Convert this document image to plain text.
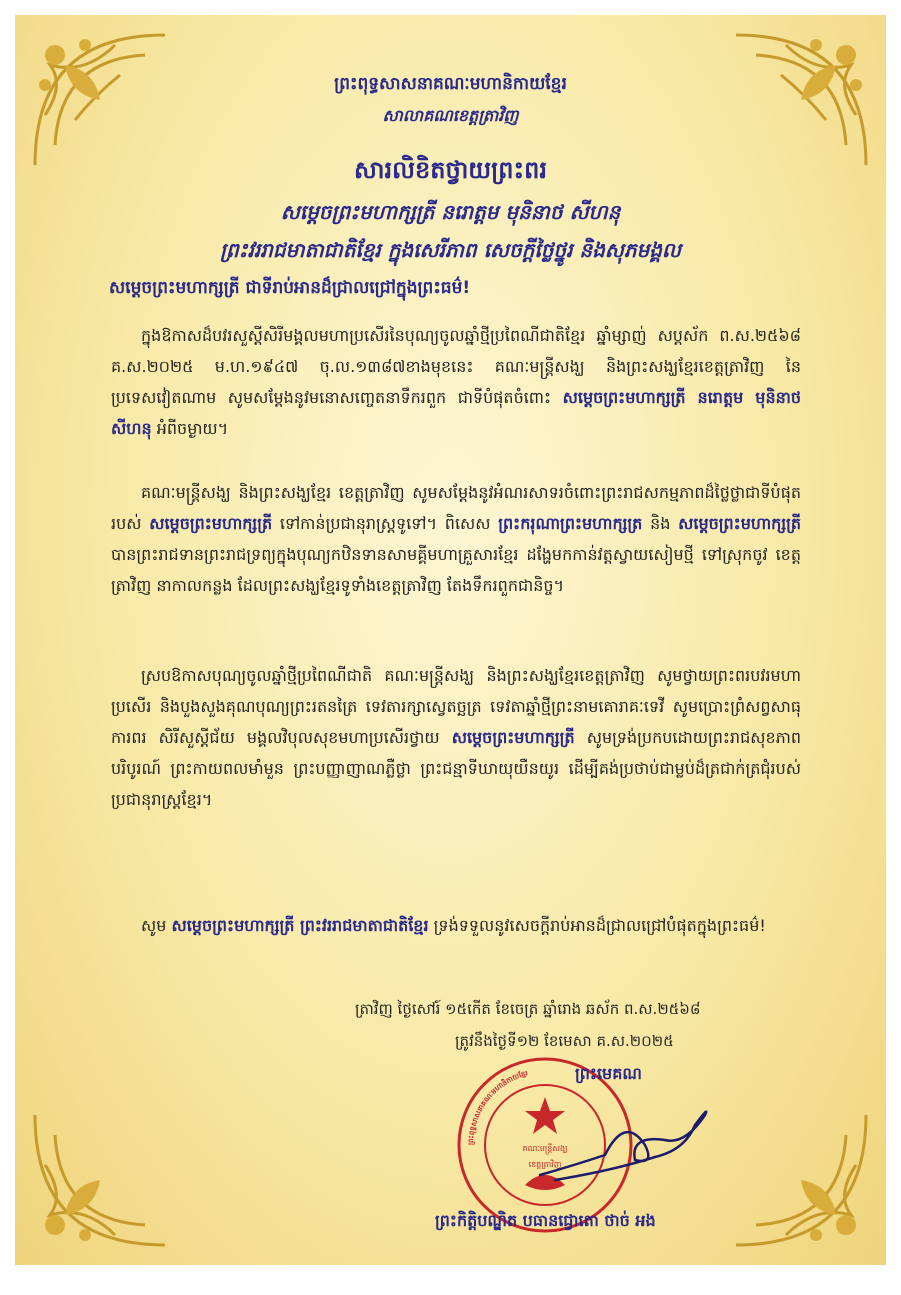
ព្រះពុទ្ធសាសនាគណៈមហានិកាយខ្មែរ
សាលាគណខេត្តត្រាវិញ
សារលិខិតថ្វាយព្រះពរ
សម្ដេចព្រះមហាក្សត្រី នរោត្ដម មុនិនាថ សីហនុ
ព្រះវររាជមាតាជាតិខ្មែរ ក្នុងសេរីភាព សេចក្ដីថ្លៃថ្នូរ និងសុភមង្គល
សម្ដេចព្រះមហាក្សត្រី ជាទីរាប់អានដ៏ជ្រាលជ្រៅក្នុងព្រះធម៌!

ក្នុងឱកាសដ៏បវរសួស្ដីសិរីមង្គលមហាប្រសើរនៃបុណ្យចូលឆ្នាំថ្មីប្រពៃណីជាតិខ្មែរ ឆ្នាំម្សាញ់ សប្ដស័ក ព.ស.២៥៦៨ គ.ស.២០២៥ ម.ហ.១៩៤៧ ចុ.ល.១៣៨៧ខាងមុខនេះ គណៈមន្ត្រីសង្ឃ និងព្រះសង្ឃខ្មែរខេត្តត្រាវិញ នៃប្រទេសវៀតណាម សូមសម្ដែងនូវមនោសញ្ចេតនាទឹករពួក ជាទីបំផុតចំពោះ សម្ដេចព្រះមហាក្សត្រី នរោត្ដម មុនិនាថ សីហនុ អំពីចម្ងាយ។

គណៈមន្ត្រីសង្ឃ និងព្រះសង្ឃខ្មែរ ខេត្តត្រាវិញ សូមសម្ដែងនូវអំណរសាទរចំពោះព្រះរាជសកម្មភាពដ៏ថ្លៃថ្លាជាទីបំផុតរបស់ សម្ដេចព្រះមហាក្សត្រី ទៅកាន់ប្រជានុរាស្ត្រទូទៅ។ ពិសេស ព្រះករុណាព្រះមហាក្សត្រ និង សម្ដេចព្រះមហាក្សត្រី បានព្រះរាជទានព្រះរាជទ្រព្យក្នុងបុណ្យកឋិនទានសាមគ្គីមហាគ្រួសារខ្មែរ ដង្ហែមកកាន់វត្តស្វាយសៀមថ្មី ទៅស្រុកចូវ ខេត្តត្រាវិញ នាកាលកន្លង ដែលព្រះសង្ឃខ្មែរទូទាំងខេត្តត្រាវិញ តែងទឹករពួកជានិច្ច។

ស្របឱកាសបុណ្យចូលឆ្នាំថ្មីប្រពៃណីជាតិ គណៈមន្ត្រីសង្ឃ និងព្រះសង្ឃខ្មែរខេត្តត្រាវិញ សូមថ្វាយព្រះពរបវរមហាប្រសើរ និងបួងសួងគុណបុណ្យព្រះរតនត្រៃ ទេវតារក្សាស្វេតច្ឆត្រ ទេវតាឆ្នាំថ្មីព្រះនាមគោរាគៈទេវី សូមប្រោះព្រំសព្វសាធុការពរ សិរីសួស្ដីជ័យ មង្គលវិបុលសុខមហាប្រសើរថ្វាយ សម្ដេចព្រះមហាក្សត្រី សូមទ្រង់ប្រកបដោយព្រះរាជសុខភាពបរិបូរណ៍ ព្រះកាយពលមាំមួន ព្រះបញ្ញាញាណភ្លឺថ្លា ព្រះជន្មាទីឃាយុយឺនយូរ ដើម្បីគង់ប្រថាប់ជាម្លប់ដ៏ត្រជាក់ត្រជុំរបស់ប្រជានុរាស្ត្រខ្មែរ។

សូម សម្ដេចព្រះមហាក្សត្រី ព្រះវររាជមាតាជាតិខ្មែរ ទ្រង់ទទួលនូវសេចក្ដីរាប់អានដ៏ជ្រាលជ្រៅបំផុតក្នុងព្រះធម៌!

ត្រាវិញ ថ្ងៃសៅរ៍ ១៥កើត ខែចេត្រ ឆ្នាំរោង ឆស័ក ព.ស.២៥៦៨
ត្រូវនឹងថ្ងៃទី១២ ខែមេសា គ.ស.២០២៥
ព្រះពុទ្ធសាសនាគណៈមហានិកាយខ្មែរ
គណៈមន្ត្រីសង្ឃ
ខេត្តត្រាវិញ
ព្រះមេគណ
ព្រះកិត្តិបណ្ឌិត បធានជ្វោតោ ថាច់ អង
